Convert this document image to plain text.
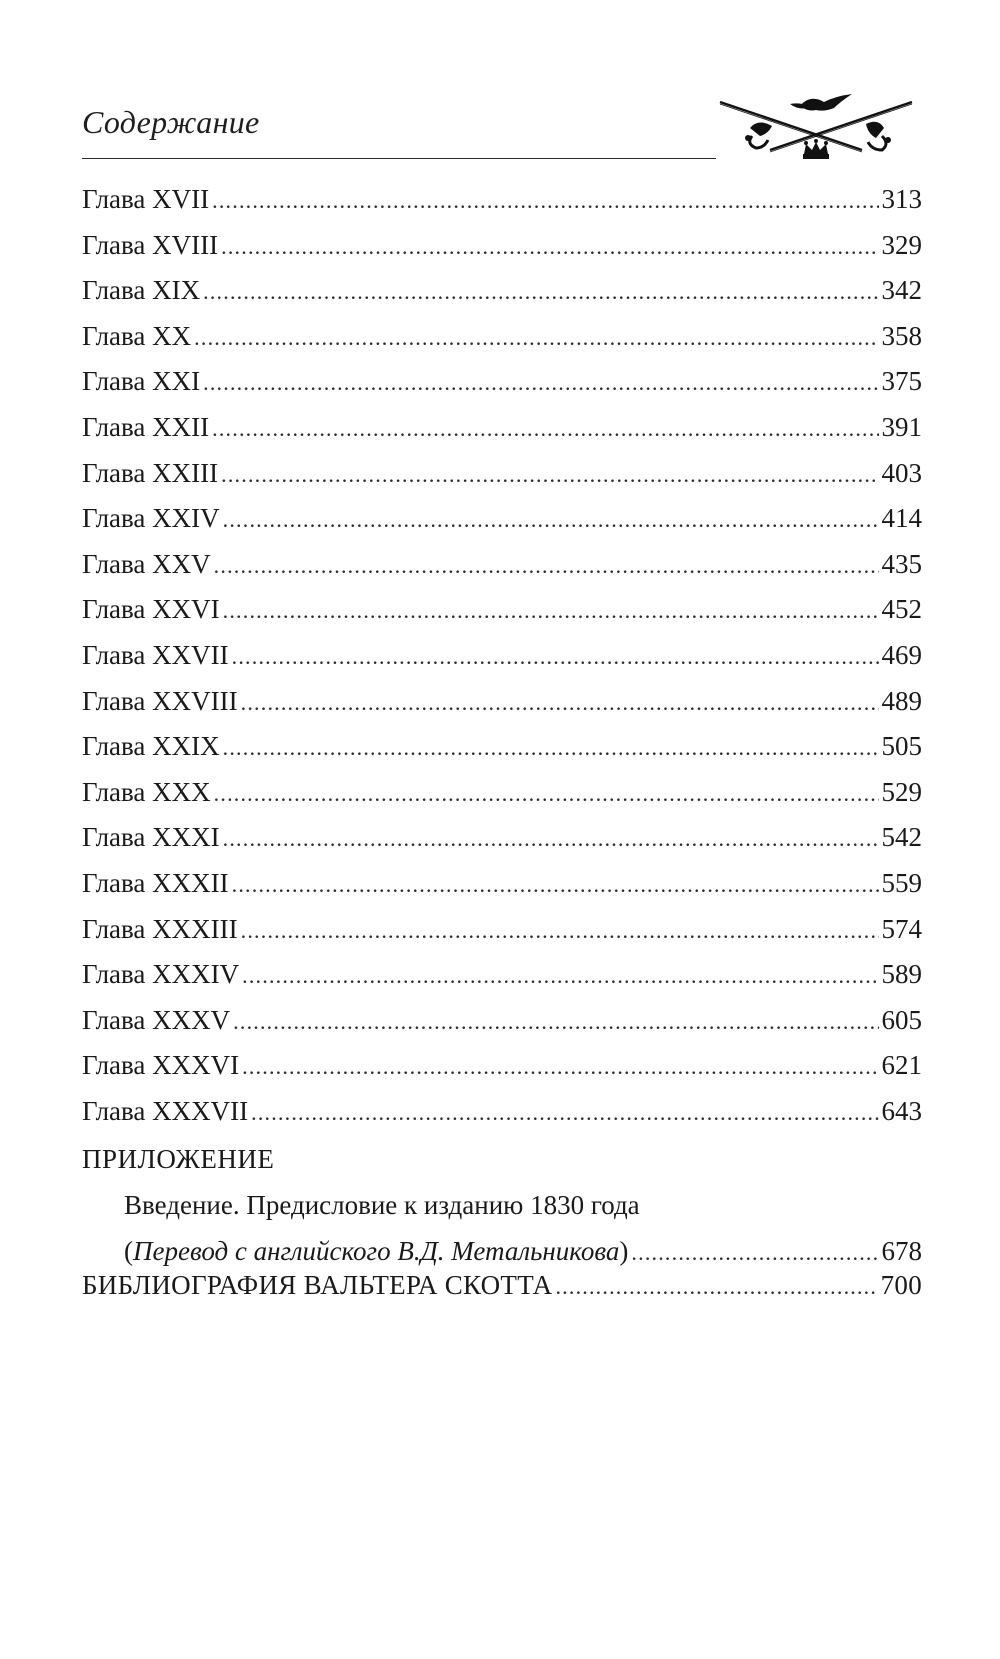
Содержание
Глава XVII .....	313
Глава XVIII .....	329
Глава XIX .....	342
Глава XX .....	358
Глава XXI .....	375
Глава XXII .....	391
Глава XXIII .....	403
Глава XXIV .....	414
Глава XXV .....	435
Глава XXVI .....	452
Глава XXVII .....	469
Глава XXVIII .....	489
Глава XXIX .....	505
Глава XXX .....	529
Глава XXXI .....	542
Глава XXXII .....	559
Глава XXXIII .....	574
Глава XXXIV .....	589
Глава XXXV .....	605
Глава XXXVI .....	621
Глава XXXVII .....	643
ПРИЛОЖЕНИЕ
Введение. Предисловие к изданию 1830 года
( Перевод с английского В.Д. Метальникова ) .....	678
БИБЛИОГРАФИЯ ВАЛЬТЕРА СКОТТА .....	700
